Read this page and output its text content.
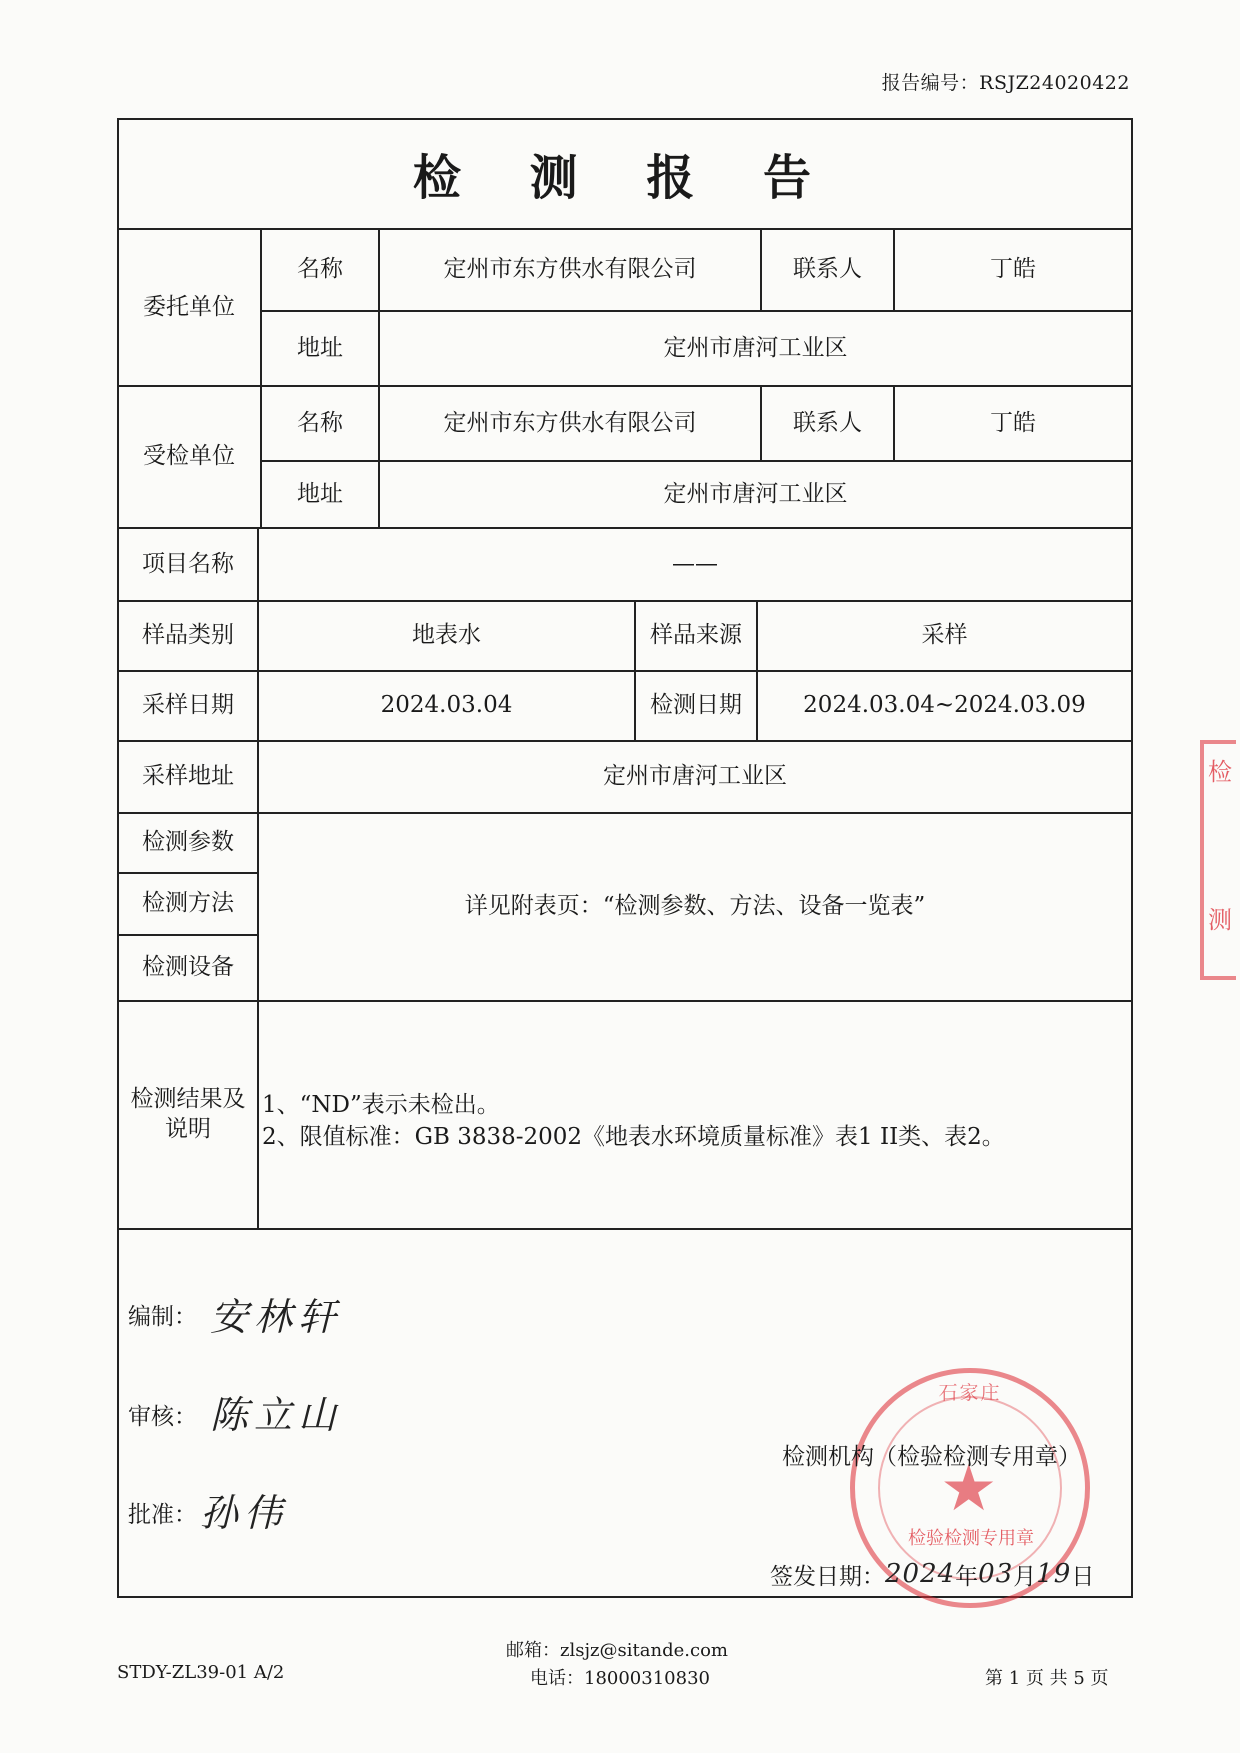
报告编号：RSJZ24020422
检 测 报 告
委托单位
名称	定州市东方供水有限公司	联系人	丁皓
地址	定州市唐河工业区
受检单位
名称	定州市东方供水有限公司	联系人	丁皓
地址	定州市唐河工业区
项目名称	——
样品类别	地表水	样品来源	采样
采样日期	2024.03.04	检测日期	2024.03.04~2024.03.09
采样地址	定州市唐河工业区
检测参数
检测方法
检测设备
详见附表页：“检测参数、方法、设备一览表”
检测结果及说明
1、“ND”表示未检出。
2、限值标准：GB 3838-2002《地表水环境质量标准》表1 II类、表2。
编制： 安林轩
审核： 陈立山
批准： 孙伟
石家庄
★
检验检测专用章
检测机构（检验检测专用章）
签发日期： 2024 年 03 月 19 日
检
测
STDY-ZL39-01 A/2
邮箱：zlsjz@sitande.com
电话：18000310830	第 1 页 共 5 页
